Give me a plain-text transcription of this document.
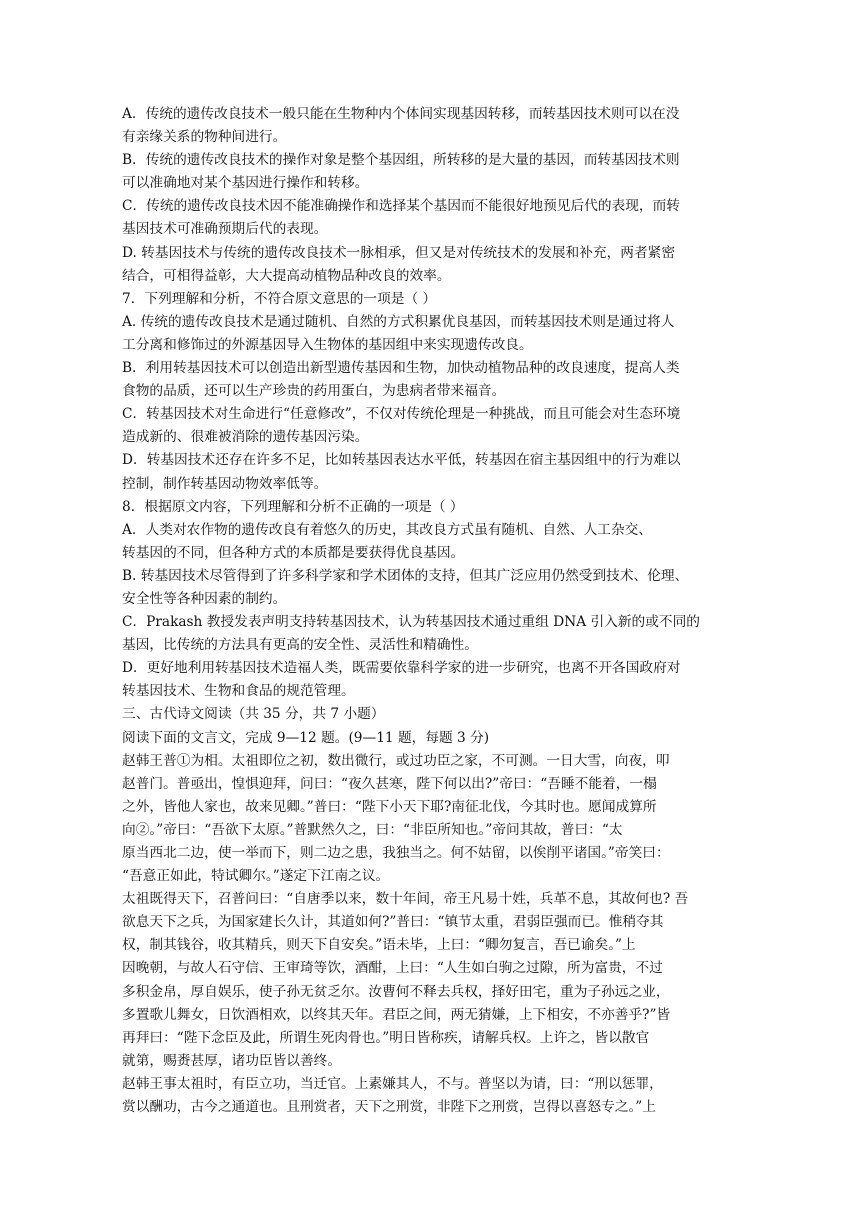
A．传统的遗传改良技术一般只能在生物种内个体间实现基因转移，而转基因技术则可以在没
有亲缘关系的物种间进行。
B．传统的遗传改良技术的操作对象是整个基因组，所转移的是大量的基因，而转基因技术则
可以准确地对某个基因进行操作和转移。
C．传统的遗传改良技术因不能准确操作和选择某个基因而不能很好地预见后代的表现，而转
基因技术可准确预期后代的表现。
D. 转基因技术与传统的遗传改良技术一脉相承，但又是对传统技术的发展和补充，两者紧密
结合，可相得益彰，大大提高动植物品种改良的效率。
7．下列理解和分析，不符合原文意思的一项是（ ）
A. 传统的遗传改良技术是通过随机、自然的方式积累优良基因，而转基因技术则是通过将人
工分离和修饰过的外源基因导入生物体的基因组中来实现遗传改良。
B．利用转基因技术可以创造出新型遗传基因和生物，加快动植物品种的改良速度，提高人类
食物的品质，还可以生产珍贵的药用蛋白，为患病者带来福音。
C．转基因技术对生命进行“任意修改”，不仅对传统伦理是一种挑战，而且可能会对生态环境
造成新的、很难被消除的遗传基因污染。
D．转基因技术还存在许多不足，比如转基因表达水平低，转基因在宿主基因组中的行为难以
控制，制作转基因动物效率低等。
8．根据原文内容，下列理解和分析不正确的一项是（ ）
A．人类对农作物的遗传改良有着悠久的历史，其改良方式虽有随机、自然、人工杂交、
转基因的不同，但各种方式的本质都是要获得优良基因。
B. 转基因技术尽管得到了许多科学家和学术团体的支持，但其广泛应用仍然受到技术、伦理、
安全性等各种因素的制约。
C．Prakash 教授发表声明支持转基因技术，认为转基因技术通过重组 DNA 引入新的或不同的
基因，比传统的方法具有更高的安全性、灵活性和精确性。
D．更好地利用转基因技术造福人类，既需要依靠科学家的进一步研究，也离不开各国政府对
转基因技术、生物和食品的规范管理。
三、古代诗文阅读（共 35 分，共 7 小题）
阅读下面的文言文，完成 9—12 题。(9—11 题，每题 3 分)
赵韩王普①为相。太祖即位之初，数出微行，或过功臣之家，不可测。一日大雪，向夜，叩
赵普门。普亟出，惶惧迎拜，问曰：“夜久甚寒，陛下何以出?”帝曰：“吾睡不能着，一榻
之外，皆他人家也，故来见卿。”普曰：“陛下小天下耶?南征北伐，今其时也。愿闻成算所
向②。”帝曰：“吾欲下太原。”普默然久之，曰：“非臣所知也。”帝问其故，普曰：“太
原当西北二边，使一举而下，则二边之患，我独当之。何不姑留，以俟削平诸国。”帝笑曰：
“吾意正如此，特试卿尔。”遂定下江南之议。
太祖既得天下，召普问曰：“自唐季以来，数十年间，帝王凡易十姓，兵革不息，其故何也? 吾
欲息天下之兵，为国家建长久计，其道如何?”普曰：“镇节太重，君弱臣强而已。惟稍夺其
权，制其钱谷，收其精兵，则天下自安矣。”语未毕，上曰：“卿勿复言，吾已谕矣。”上
因晚朝，与故人石守信、王审琦等饮，酒酣，上曰：“人生如白驹之过隙，所为富贵，不过
多积金帛，厚自娱乐，使子孙无贫乏尔。汝曹何不释去兵权，择好田宅，重为子孙远之业，
多置歌儿舞女，日饮酒相欢，以终其天年。君臣之间，两无猜嫌，上下相安，不亦善乎?”皆
再拜曰：“陛下念臣及此，所谓生死肉骨也。”明日皆称疾，请解兵权。上许之，皆以散官
就第，赐赉甚厚，诸功臣皆以善终。
赵韩王事太祖时，有臣立功，当迁官。上素嫌其人，不与。普坚以为请，曰：“刑以惩罪，
赏以酬功，古今之通道也。且刑赏者，天下之刑赏，非陛下之刑赏，岂得以喜怒专之。”上
